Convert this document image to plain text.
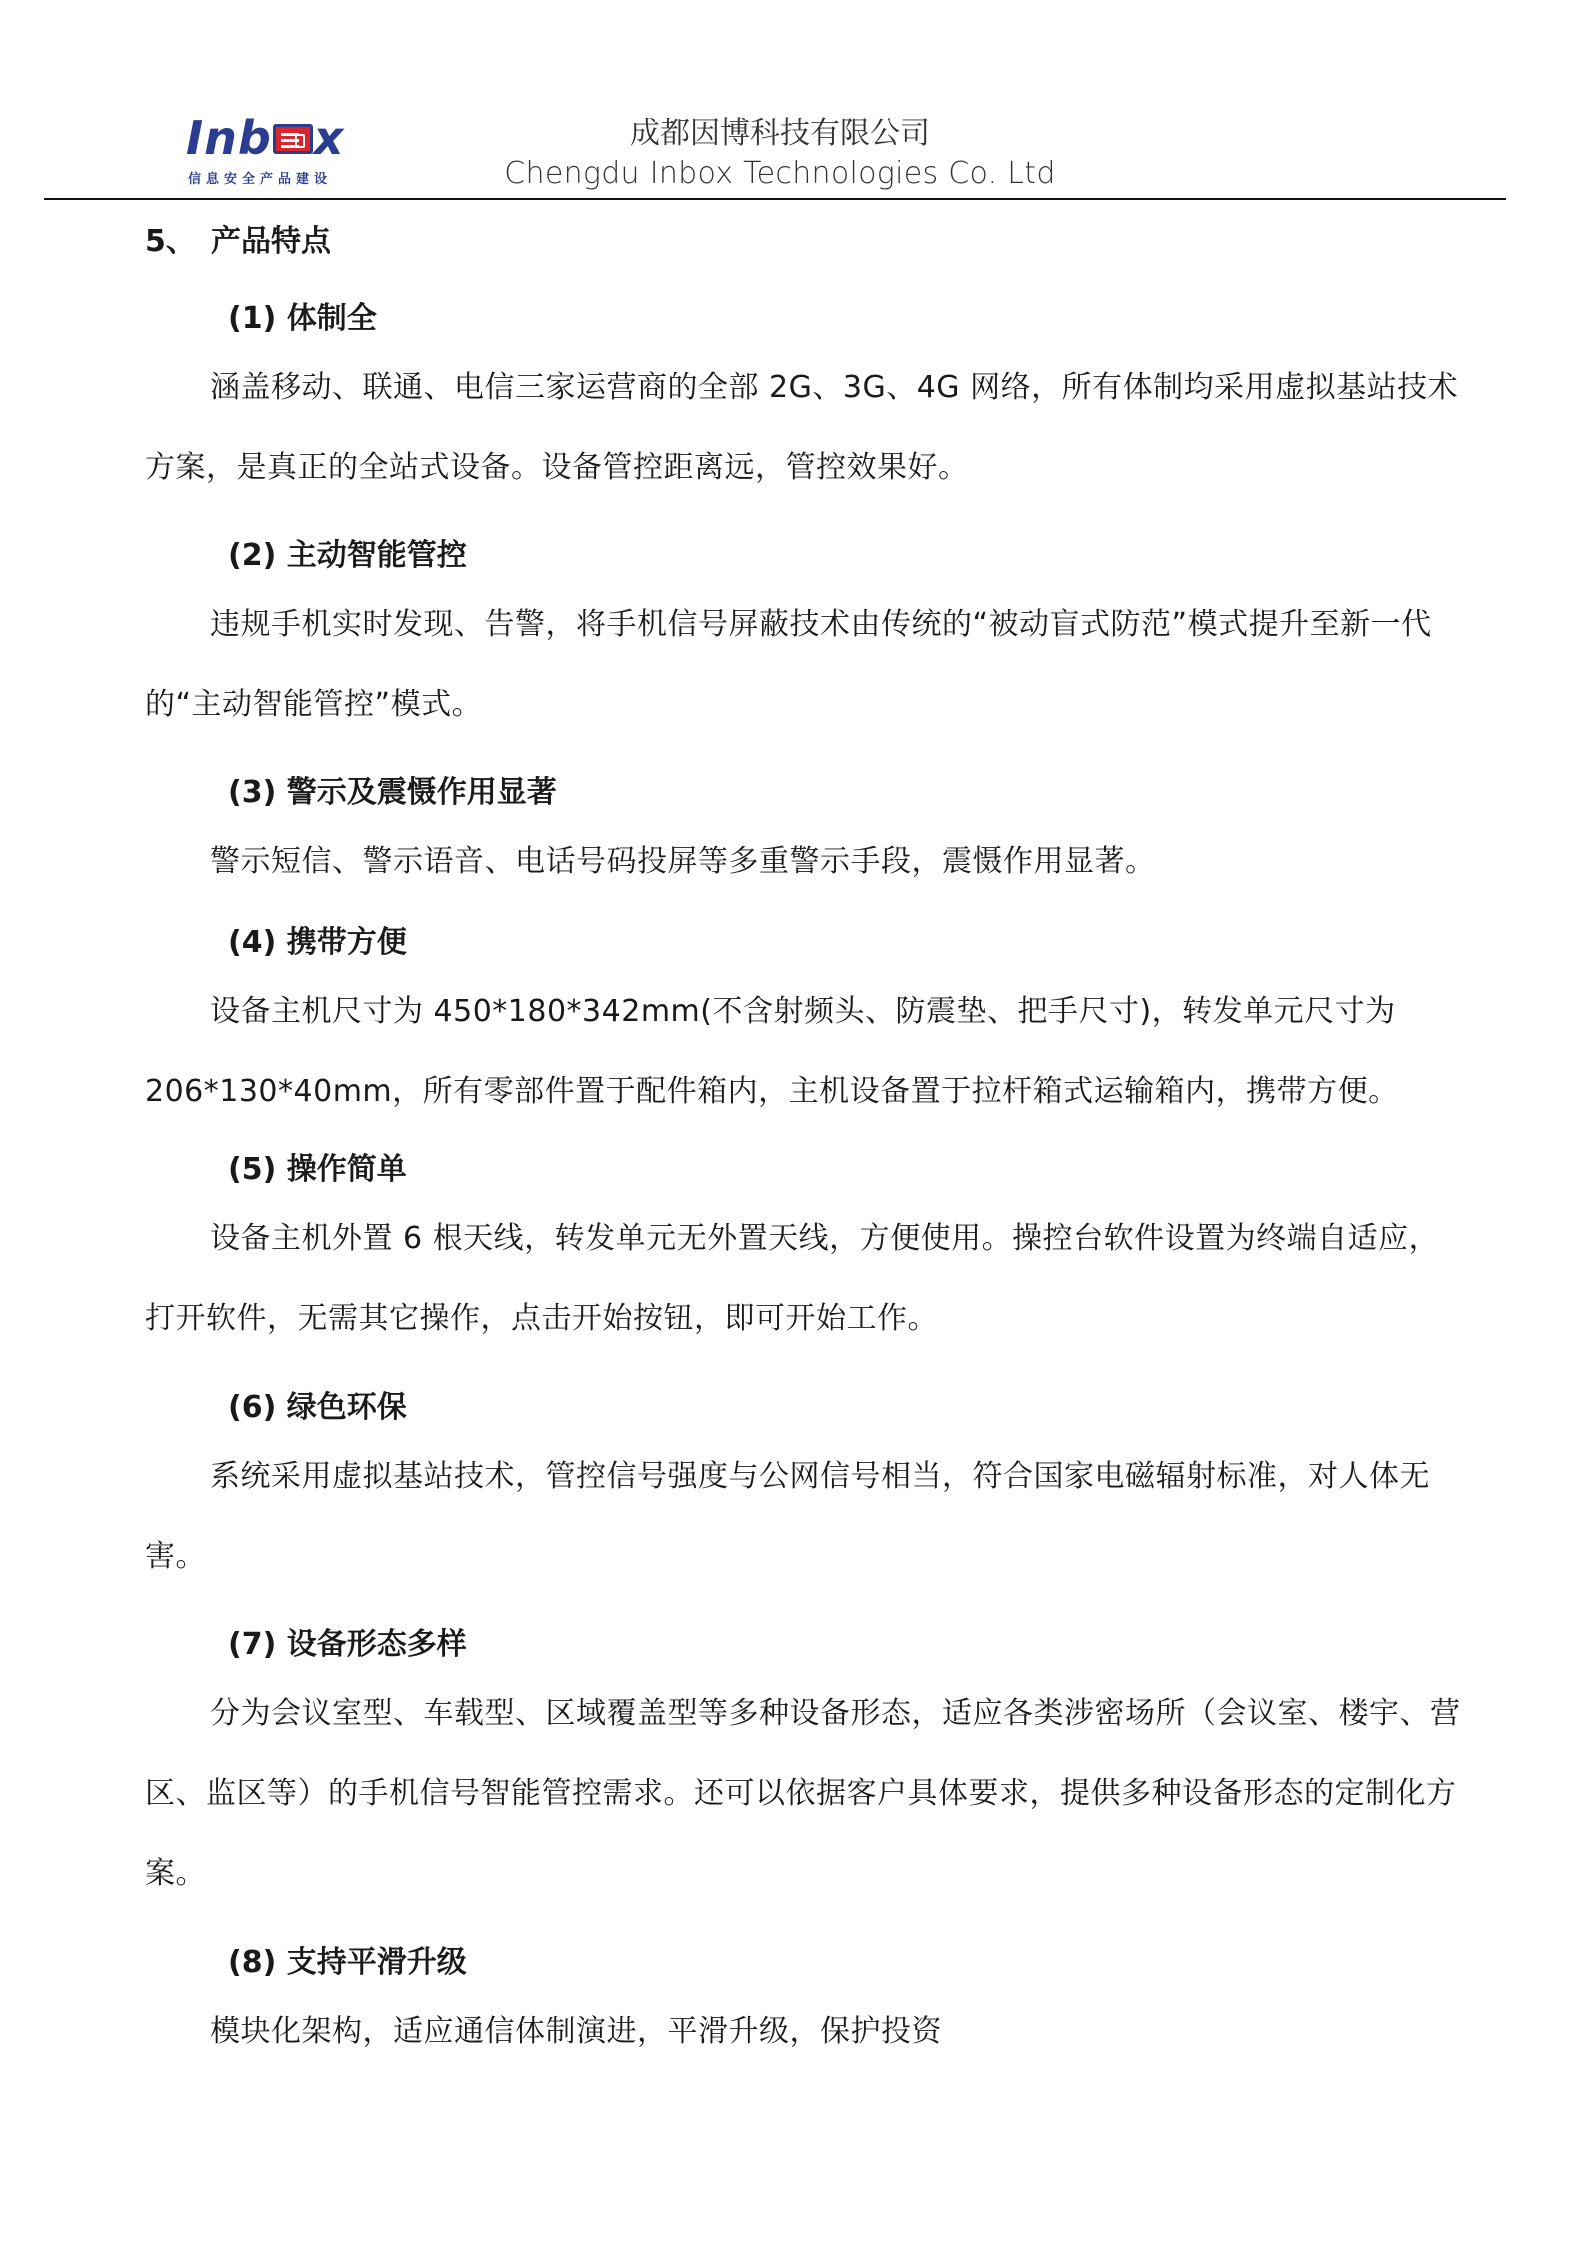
Inb x
信息安全产品建设
成都因博科技有限公司
Chengdu Inbox Technologies Co. Ltd
5、 产品特点
(1) 体制全
涵盖移动、联通、电信三家运营商的全部 2G、3G、4G 网络，所有体制均采用虚拟基站技术方案，是真正的全站式设备。设备管控距离远，管控效果好。
(2) 主动智能管控
违规手机实时发现、告警，将手机信号屏蔽技术由传统的“被动盲式防范”模式提升至新一代的“主动智能管控”模式。
(3) 警示及震慑作用显著
警示短信、警示语音、电话号码投屏等多重警示手段，震慑作用显著。
(4) 携带方便
设备主机尺寸为 450*180*342mm(不含射频头、防震垫、把手尺寸)，转发单元尺寸为 206*130*40mm，所有零部件置于配件箱内，主机设备置于拉杆箱式运输箱内，携带方便。
(5) 操作简单
设备主机外置 6 根天线，转发单元无外置天线，方便使用。操控台软件设置为终端自适应，打开软件，无需其它操作，点击开始按钮，即可开始工作。
(6) 绿色环保
系统采用虚拟基站技术，管控信号强度与公网信号相当，符合国家电磁辐射标准，对人体无害。
(7) 设备形态多样
分为会议室型、车载型、区域覆盖型等多种设备形态，适应各类涉密场所（会议室、楼宇、营区、监区等）的手机信号智能管控需求。还可以依据客户具体要求，提供多种设备形态的定制化方案。
(8) 支持平滑升级
模块化架构，适应通信体制演进，平滑升级，保护投资
